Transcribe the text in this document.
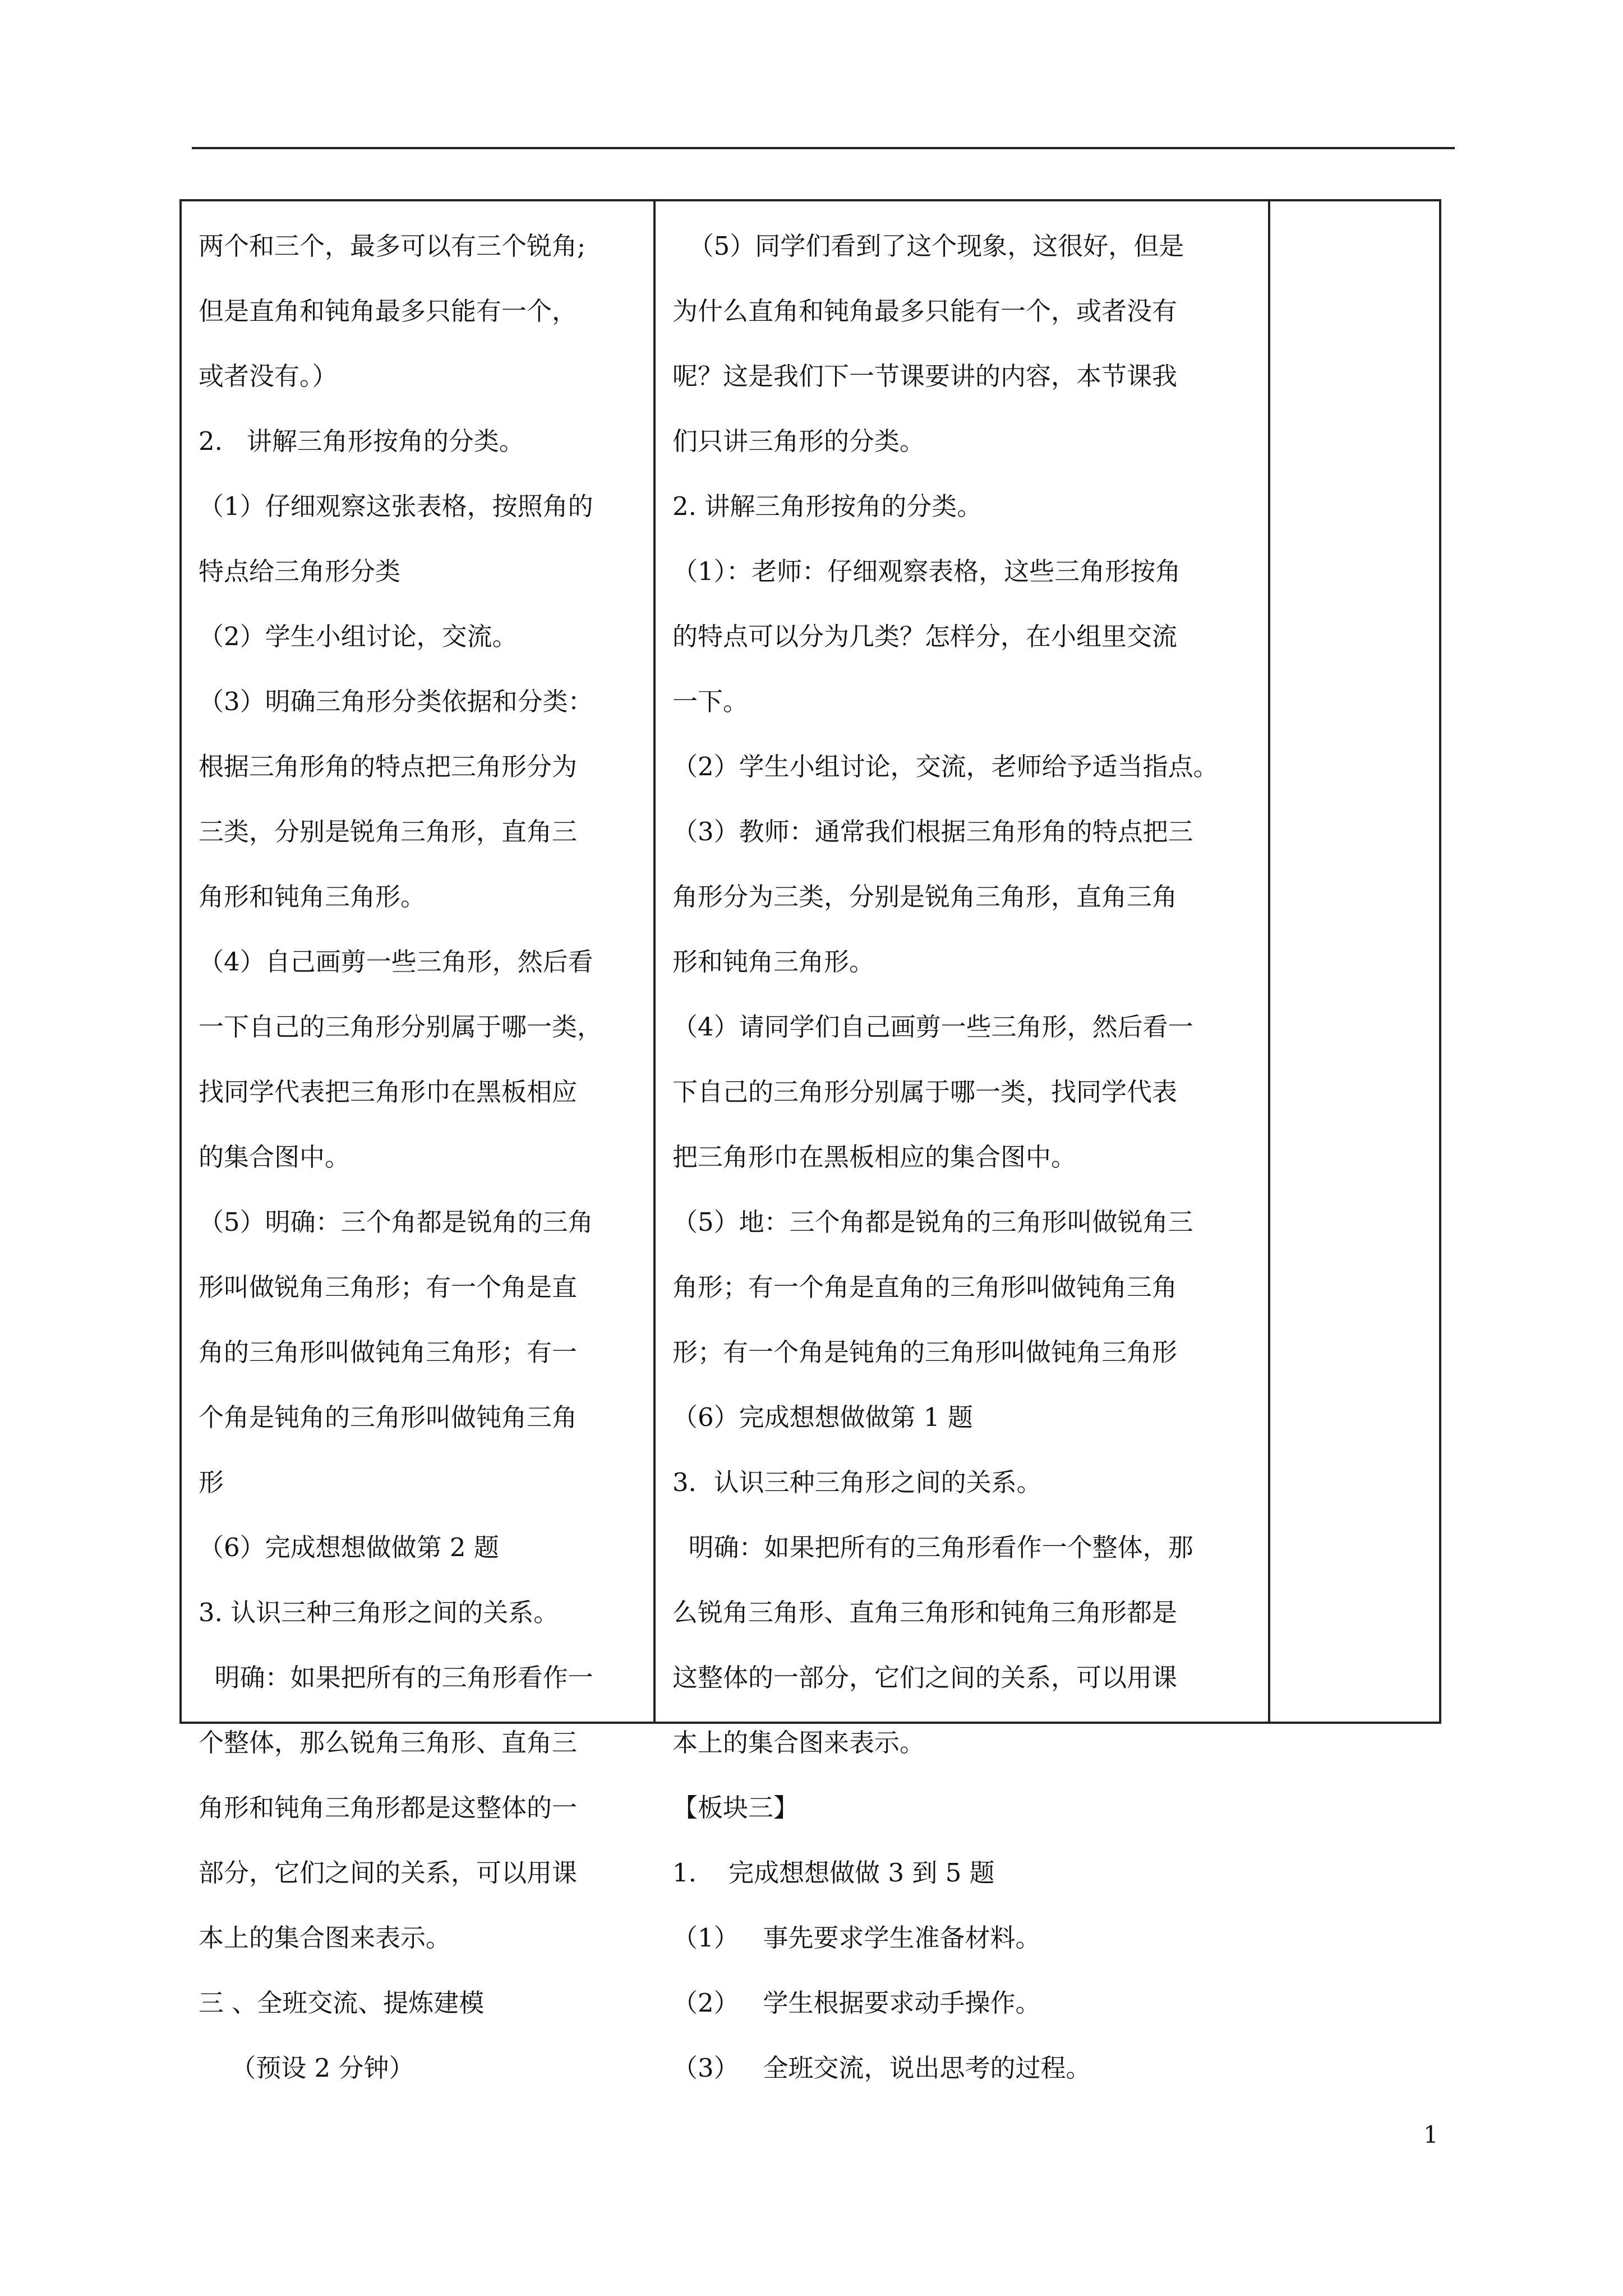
两个和三个，最多可以有三个锐角;
但是直角和钝角最多只能有一个，
或者没有。）
2.   讲解三角形按角的分类。
（1）仔细观察这张表格，按照角的
特点给三角形分类
（2）学生小组讨论，交流。
（3）明确三角形分类依据和分类：
根据三角形角的特点把三角形分为
三类，分别是锐角三角形，直角三
角形和钝角三角形。
（4）自己画剪一些三角形，然后看
一下自己的三角形分别属于哪一类，
找同学代表把三角形巾在黑板相应
的集合图中。
（5）明确：三个角都是锐角的三角
形叫做锐角三角形；有一个角是直
角的三角形叫做钝角三角形；有一
个角是钝角的三角形叫做钝角三角
形
（6）完成想想做做第 2 题
3. 认识三种三角形之间的关系。
明确：如果把所有的三角形看作一
个整体，那么锐角三角形、直角三
角形和钝角三角形都是这整体的一
部分，它们之间的关系，可以用课
本上的集合图来表示。
三 、全班交流、提炼建模
（预设 2 分钟）
（5）同学们看到了这个现象，这很好，但是
为什么直角和钝角最多只能有一个，或者没有
呢？这是我们下一节课要讲的内容，本节课我
们只讲三角形的分类。
2. 讲解三角形按角的分类。
（1）：老师：仔细观察表格，这些三角形按角
的特点可以分为几类？怎样分，在小组里交流
一下。
（2）学生小组讨论，交流，老师给予适当指点。
（3）教师：通常我们根据三角形角的特点把三
角形分为三类，分别是锐角三角形，直角三角
形和钝角三角形。
（4）请同学们自己画剪一些三角形，然后看一
下自己的三角形分别属于哪一类，找同学代表
把三角形巾在黑板相应的集合图中。
（5）地：三个角都是锐角的三角形叫做锐角三
角形；有一个角是直角的三角形叫做钝角三角
形；有一个角是钝角的三角形叫做钝角三角形
（6）完成想想做做第 1 题
3．认识三种三角形之间的关系。
明确：如果把所有的三角形看作一个整体，那
么锐角三角形、直角三角形和钝角三角形都是
这整体的一部分，它们之间的关系，可以用课
本上的集合图来表示。
【板块三】
1.    完成想想做做 3 到 5 题
（1）   事先要求学生准备材料。
（2）   学生根据要求动手操作。
（3）   全班交流，说出思考的过程。
1
